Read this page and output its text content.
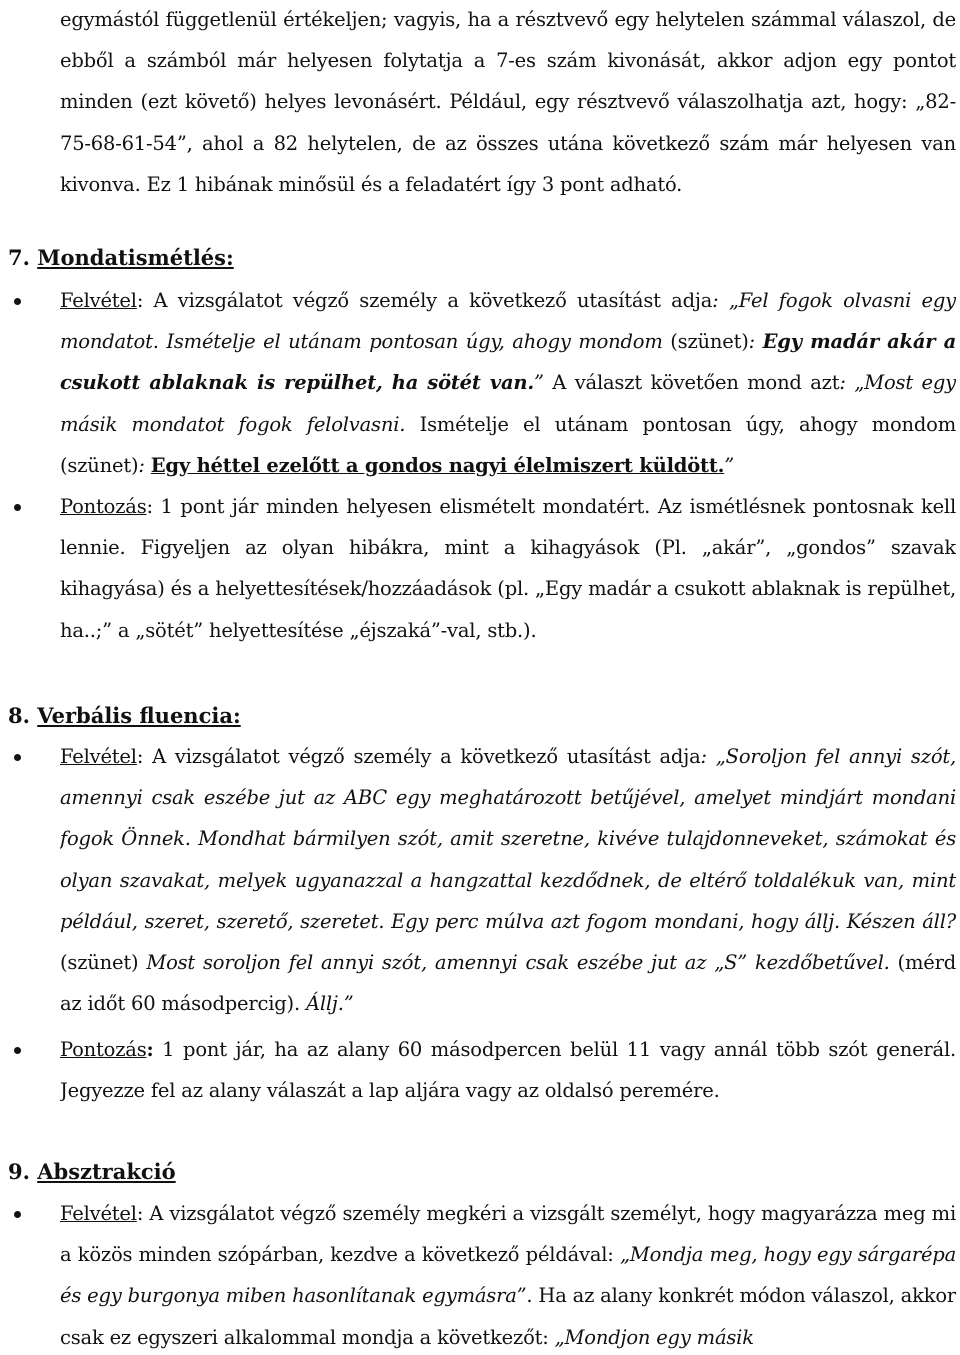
egymástól függetlenül értékeljen; vagyis, ha a résztvevő egy helytelen számmal válaszol, de ebből a számból már helyesen folytatja a 7-es szám kivonását, akkor adjon egy pontot minden (ezt követő) helyes levonásért. Például, egy résztvevő válaszolhatja azt, hogy: „82-75-68-61-54”, ahol a 82 helytelen, de az összes utána következő szám már helyesen van kivonva. Ez 1 hibának minősül és a feladatért így 3 pont adható.
7. Mondatismétlés:
Felvétel: A vizsgálatot végző személy a következő utasítást adja: „Fel fogok olvasni egy mondatot. Ismételje el utánam pontosan úgy, ahogy mondom (szünet): Egy madár akár a csukott ablaknak is repülhet, ha sötét van.” A választ követően mond azt: „Most egy másik mondatot fogok felolvasni. Ismételje el utánam pontosan úgy, ahogy mondom (szünet): Egy héttel ezelőtt a gondos nagyi élelmiszert küldött.”
Pontozás: 1 pont jár minden helyesen elismételt mondatért. Az ismétlésnek pontosnak kell lennie. Figyeljen az olyan hibákra, mint a kihagyások (Pl. „akár”, „gondos” szavak kihagyása) és a helyettesítések/hozzáadások (pl. „Egy madár a csukott ablaknak is repülhet, ha..;” a „sötét” helyettesítése „éjszaká”-val, stb.).
8. Verbális fluencia:
Felvétel: A vizsgálatot végző személy a következő utasítást adja: „Soroljon fel annyi szót, amennyi csak eszébe jut az ABC egy meghatározott betűjével, amelyet mindjárt mondani fogok Önnek. Mondhat bármilyen szót, amit szeretne, kivéve tulajdonneveket, számokat és olyan szavakat, melyek ugyanazzal a hangzattal kezdődnek, de eltérő toldalékuk van, mint például, szeret, szerető, szeretet. Egy perc múlva azt fogom mondani, hogy állj. Készen áll? (szünet) Most soroljon fel annyi szót, amennyi csak eszébe jut az „S” kezdőbetűvel. (mérd az időt 60 másodpercig). Állj.”
Pontozás: 1 pont jár, ha az alany 60 másodpercen belül 11 vagy annál több szót generál. Jegyezze fel az alany válaszát a lap aljára vagy az oldalsó peremére.
9. Absztrakció
Felvétel: A vizsgálatot végző személy megkéri a vizsgált személyt, hogy magyarázza meg mi a közös minden szópárban, kezdve a következő példával: „Mondja meg, hogy egy sárgarépa és egy burgonya miben hasonlítanak egymásra”. Ha az alany konkrét módon válaszol, akkor csak ez egyszeri alkalommal mondja a következőt: „Mondjon egy másik
